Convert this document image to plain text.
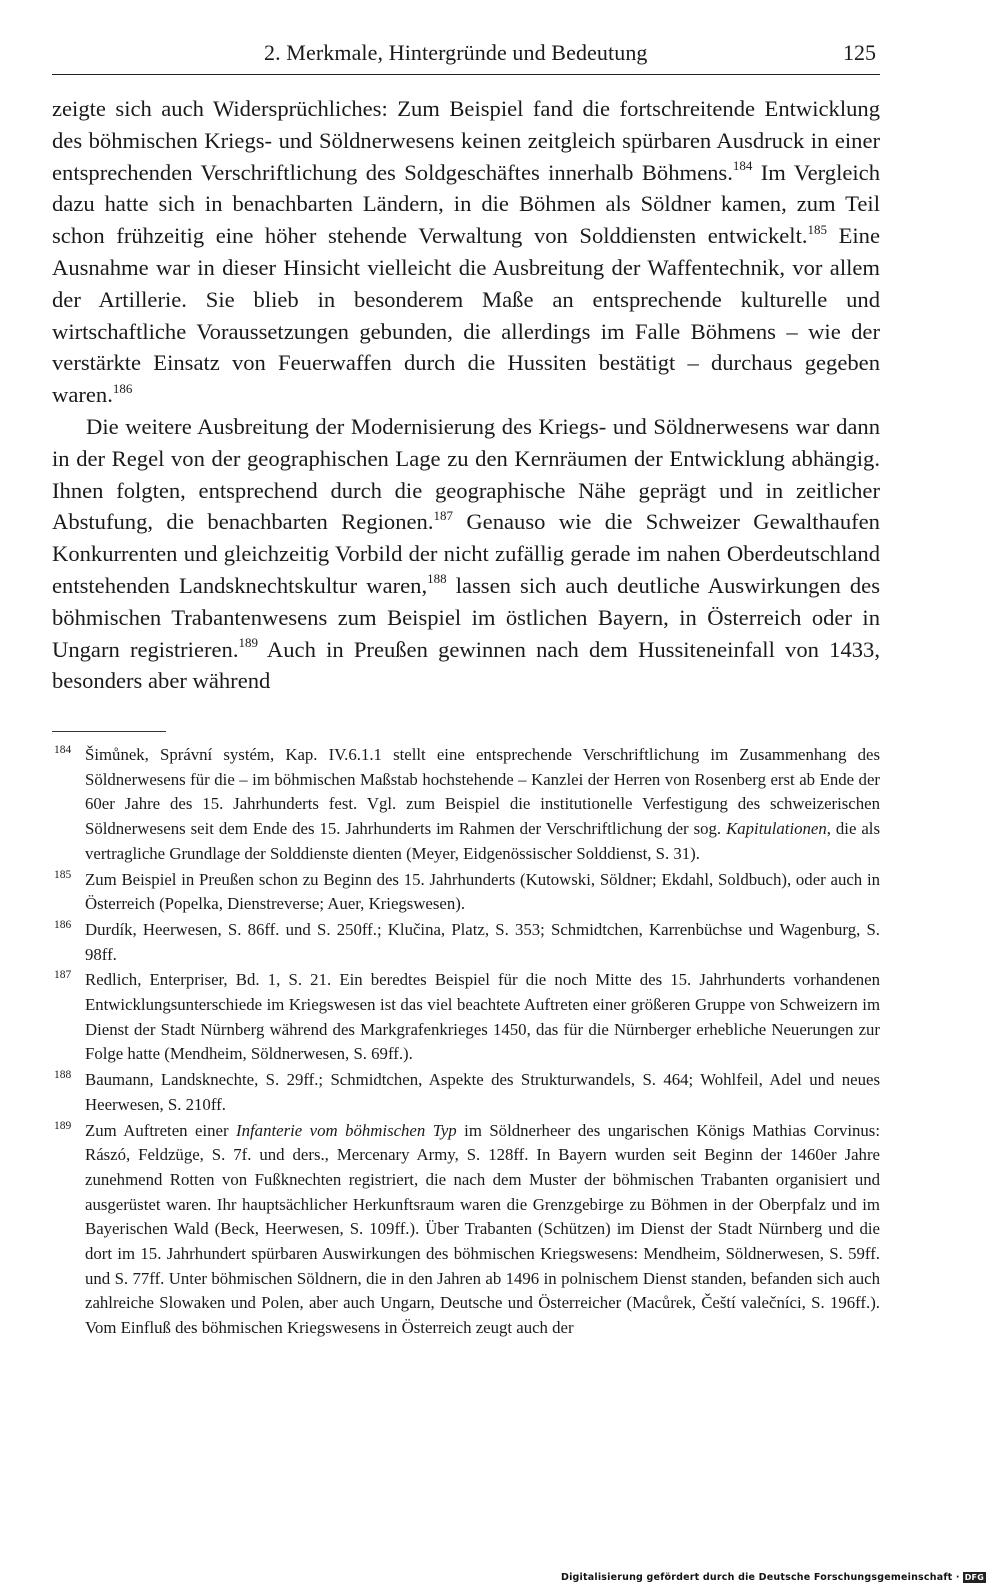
2. Merkmale, Hintergründe und Bedeutung	125

zeigte sich auch Widersprüchliches: Zum Beispiel fand die fortschreitende Entwicklung des böhmischen Kriegs- und Söldnerwesens keinen zeitgleich spürbaren Ausdruck in einer entsprechenden Verschriftlichung des Soldgeschäftes innerhalb Böhmens.$^{184}$ Im Vergleich dazu hatte sich in benachbarten Ländern, in die Böhmen als Söldner kamen, zum Teil schon frühzeitig eine höher stehende Verwaltung von Solddiensten entwickelt.$^{185}$ Eine Ausnahme war in dieser Hinsicht vielleicht die Ausbreitung der Waffentechnik, vor allem der Artillerie. Sie blieb in besonderem Maße an entsprechende kulturelle und wirtschaftliche Voraussetzungen gebunden, die allerdings im Falle Böhmens – wie der verstärkte Einsatz von Feuerwaffen durch die Hussiten bestätigt – durchaus gegeben waren.$^{186}$

Die weitere Ausbreitung der Modernisierung des Kriegs- und Söldnerwesens war dann in der Regel von der geographischen Lage zu den Kernräumen der Entwicklung abhängig. Ihnen folgten, entsprechend durch die geographische Nähe geprägt und in zeitlicher Abstufung, die benachbarten Regionen.$^{187}$ Genauso wie die Schweizer Gewalthaufen Konkurrenten und gleichzeitig Vorbild der nicht zufällig gerade im nahen Oberdeutschland entstehenden Landsknechtskultur waren,$^{188}$ lassen sich auch deutliche Auswirkungen des böhmischen Trabantenwesens zum Beispiel im östlichen Bayern, in Österreich oder in Ungarn registrieren.$^{189}$ Auch in Preußen gewinnen nach dem Hussiteneinfall von 1433, besonders aber während

184 Šimůnek, Správní systém, Kap. IV.6.1.1 stellt eine entsprechende Verschriftlichung im Zusammenhang des Söldnerwesens für die – im böhmischen Maßstab hochstehende – Kanzlei der Herren von Rosenberg erst ab Ende der 60er Jahre des 15. Jahrhunderts fest. Vgl. zum Beispiel die institutionelle Verfestigung des schweizerischen Söldnerwesens seit dem Ende des 15. Jahrhunderts im Rahmen der Verschriftlichung der sog. Kapitulationen, die als vertragliche Grundlage der Solddienste dienten (Meyer, Eidgenössischer Solddienst, S. 31).
185 Zum Beispiel in Preußen schon zu Beginn des 15. Jahrhunderts (Kutowski, Söldner; Ekdahl, Soldbuch), oder auch in Österreich (Popelka, Dienstreverse; Auer, Kriegswesen).
186 Durdík, Heerwesen, S. 86ff. und S. 250ff.; Klučina, Platz, S. 353; Schmidtchen, Karrenbüchse und Wagenburg, S. 98ff.
187 Redlich, Enterpriser, Bd. 1, S. 21. Ein beredtes Beispiel für die noch Mitte des 15. Jahrhunderts vorhandenen Entwicklungsunterschiede im Kriegswesen ist das viel beachtete Auftreten einer größeren Gruppe von Schweizern im Dienst der Stadt Nürnberg während des Markgrafenkrieges 1450, das für die Nürnberger erhebliche Neuerungen zur Folge hatte (Mendheim, Söldnerwesen, S. 69ff.).
188 Baumann, Landsknechte, S. 29ff.; Schmidtchen, Aspekte des Strukturwandels, S. 464; Wohlfeil, Adel und neues Heerwesen, S. 210ff.
189 Zum Auftreten einer Infanterie vom böhmischen Typ im Söldnerheer des ungarischen Königs Mathias Corvinus: Rászó, Feldzüge, S. 7f. und ders., Mercenary Army, S. 128ff. In Bayern wurden seit Beginn der 1460er Jahre zunehmend Rotten von Fußknechten registriert, die nach dem Muster der böhmischen Trabanten organisiert und ausgerüstet waren. Ihr hauptsächlicher Herkunftsraum waren die Grenzgebirge zu Böhmen in der Oberpfalz und im Bayerischen Wald (Beck, Heerwesen, S. 109ff.). Über Trabanten (Schützen) im Dienst der Stadt Nürnberg und die dort im 15. Jahrhundert spürbaren Auswirkungen des böhmischen Kriegswesens: Mendheim, Söldnerwesen, S. 59ff. und S. 77ff. Unter böhmischen Söldnern, die in den Jahren ab 1496 in polnischem Dienst standen, befanden sich auch zahlreiche Slowaken und Polen, aber auch Ungarn, Deutsche und Österreicher (Macůrek, Čeští valečníci, S. 196ff.). Vom Einfluß des böhmischen Kriegswesens in Österreich zeugt auch der
Digitalisierung gefördert durch die Deutsche Forschungsgemeinschaft · DFG
